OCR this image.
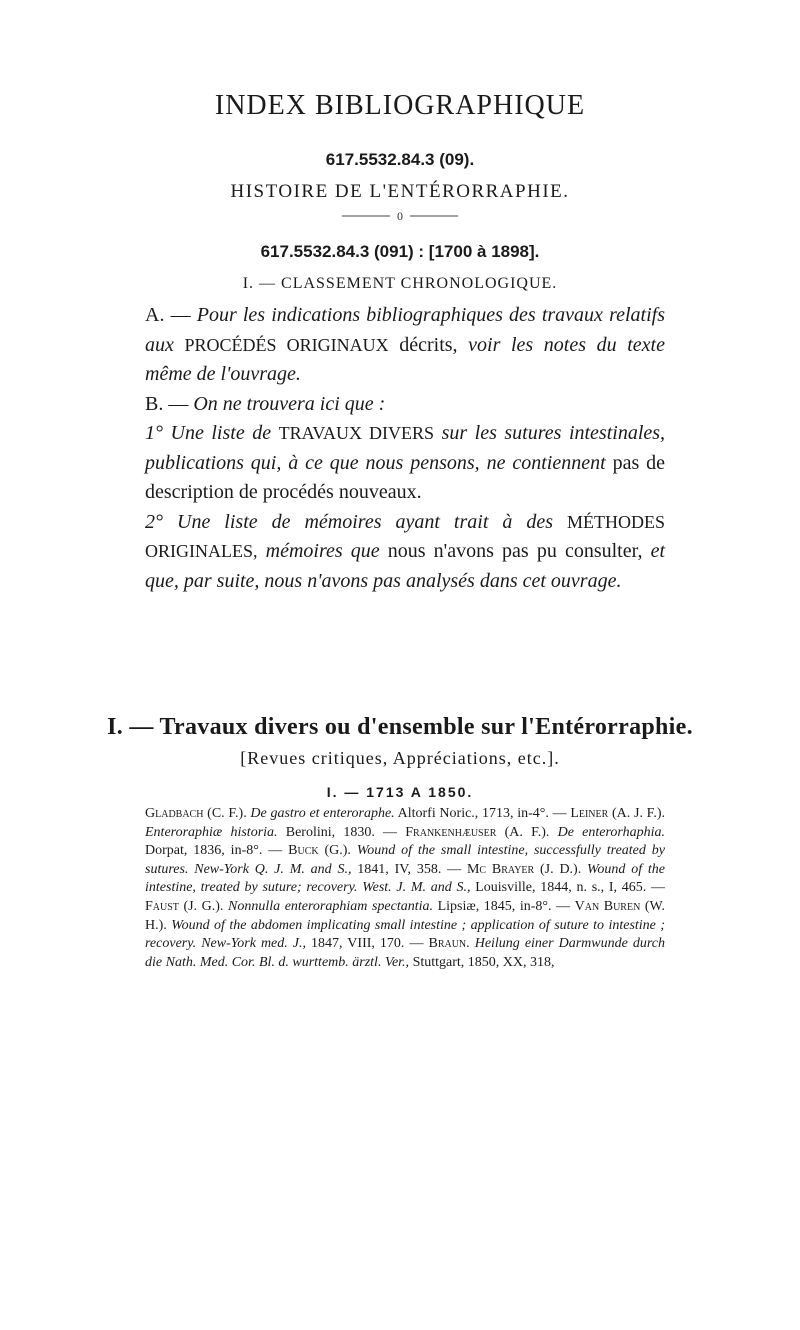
INDEX BIBLIOGRAPHIQUE
617.5532.84.3 (09).
HISTOIRE DE L'ENTÉRORRAPHIE.
0
617.5532.84.3 (091) : [1700 à 1898].
I. — CLASSEMENT CHRONOLOGIQUE.

A. — Pour les indications bibliographiques des travaux relatifs aux PROCÉDÉS ORIGINAUX décrits, voir les notes du texte même de l'ouvrage.

B. — On ne trouvera ici que :

1° Une liste de TRAVAUX DIVERS sur les sutures intestinales, publications qui, à ce que nous pensons, ne contiennent pas de description de procédés nouveaux.

2° Une liste de mémoires ayant trait à des MÉTHODES ORIGINALES, mémoires que nous n'avons pas pu consulter, et que, par suite, nous n'avons pas analysés dans cet ouvrage.

I. — Travaux divers ou d'ensemble sur l'Entérorraphie.
[Revues critiques, Appréciations, etc.].
I. — 1713 A 1850.
Gladbach (C. F.). De gastro et enteroraphe. Altorfi Noric., 1713, in-4°. — Leiner (A. J. F.). Enteroraphiæ historia. Berolini, 1830. — Frankenhæuser (A. F.). De enterorhaphia. Dorpat, 1836, in-8°. — Buck (G.). Wound of the small intestine, successfully treated by sutures. New-York Q. J. M. and S., 1841, IV, 358. — Mc Brayer (J. D.). Wound of the intestine, treated by suture; recovery. West. J. M. and S., Louisville, 1844, n. s., I, 465. — Faust (J. G.). Nonnulla enteroraphiam spectantia. Lipsiæ, 1845, in-8°. — Van Buren (W. H.). Wound of the abdomen implicating small intestine ; application of suture to intestine ; recovery. New-York med. J., 1847, VIII, 170. — Braun. Heilung einer Darmwunde durch die Nath. Med. Cor. Bl. d. wurttemb. ärztl. Ver., Stuttgart, 1850, XX, 318,
